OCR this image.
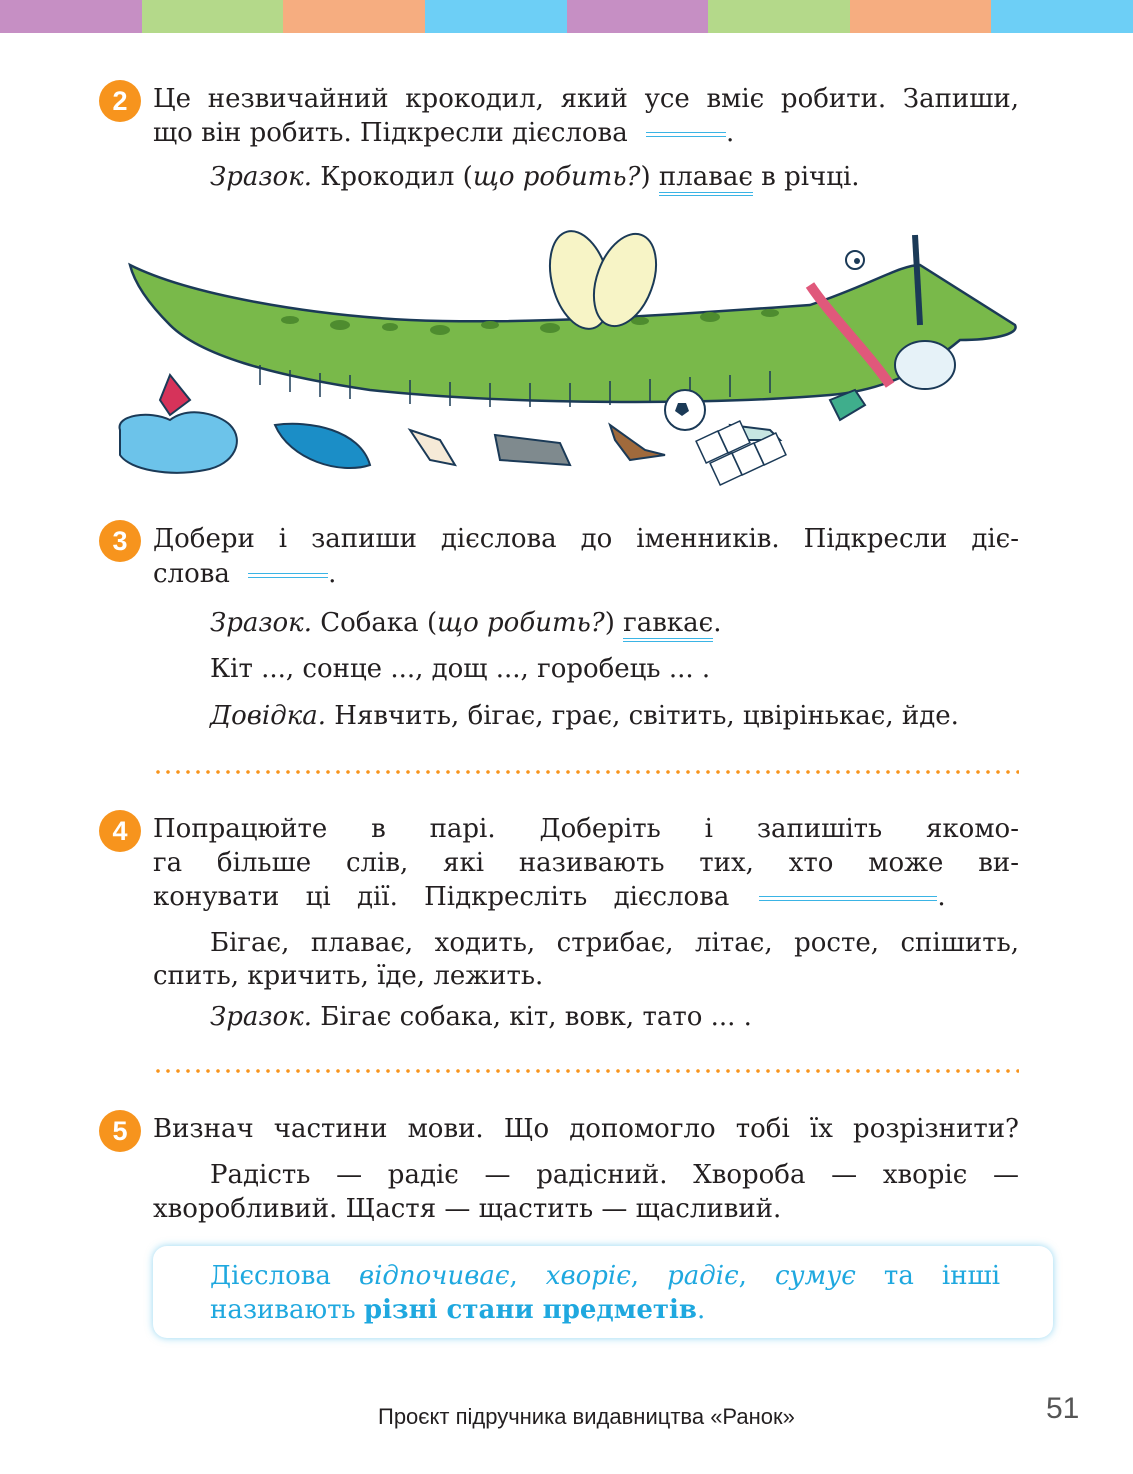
2 Це незвичайний крокодил, який усе вміє робити. Запиши,
що він робить. Підкресли дієслова	.
Зразок. Крокодил (що робить?) плаває в річці.
3 Добери і запиши дієслова до іменників. Підкресли діє-
слова	.
Зразок. Собака (що робить?) гавкає.
Кіт ..., сонце ..., дощ ..., горобець ... .
Довідка. Нявчить, бігає, грає, світить, цвірінькає, йде.
4 Попрацюйте в парі. Доберіть і запишіть якомо-
га більше слів, які називають тих, хто може ви-
конувати ці дії. Підкресліть дієслова	.
Бігає, плаває, ходить, стрибає, літає, росте, спішить,
спить, кричить, їде, лежить.
Зразок. Бігає собака, кіт, вовк, тато ... .
5 Визнач частини мови. Що допомогло тобі їх розрізнити?
Радість — радіє — радісний. Хвороба — хворіє —
хворобливий. Щастя — щастить — щасливий.
Дієслова відпочиває, хворіє, радіє, сумує та інші
називають різні стани предметів.
Проєкт підручника видавництва «Ранок»	51
